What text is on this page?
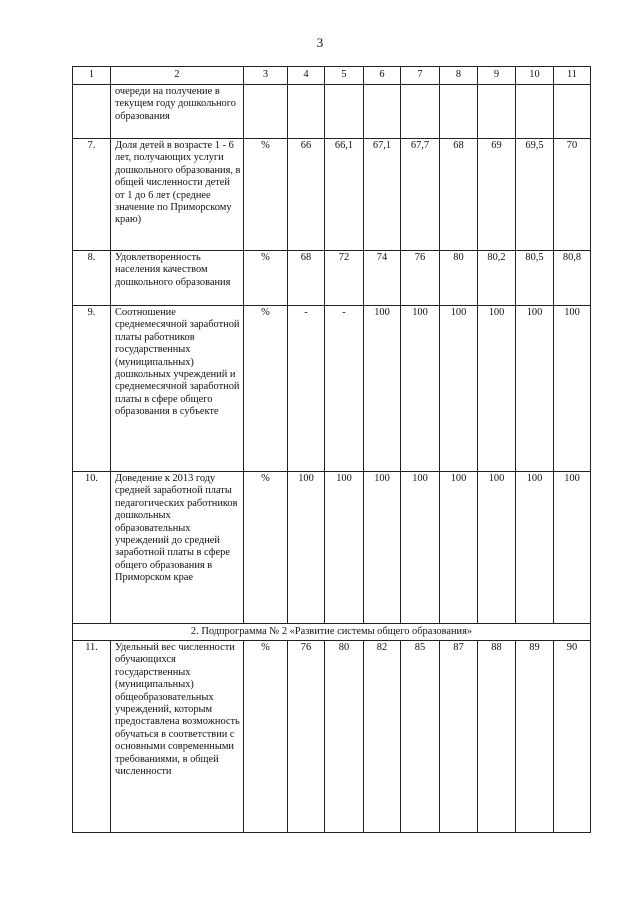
3
1	2	3	4	5	6	7	8	9	10	11
	очереди на получение в текущем году дошкольного образования									
7.	Доля детей в возрасте 1 - 6 лет, получающих услуги дошкольного образования, в общей численности детей от 1 до 6 лет (среднее значение по Приморскому краю)	%	66	66,1	67,1	67,7	68	69	69,5	70
8.	Удовлетворенность населения качеством дошкольного образования	%	68	72	74	76	80	80,2	80,5	80,8
9.	Соотношение среднемесячной заработной платы работников государственных (муниципальных) дошкольных учреждений и среднемесячной заработной платы в сфере общего образования в субъекте	%	-	-	100	100	100	100	100	100
10.	Доведение к 2013 году средней заработной платы педагогических работников дошкольных образовательных учреждений до средней заработной платы в сфере общего образования в Приморском крае	%	100	100	100	100	100	100	100	100
2. Подпрограмма № 2 «Развитие системы общего образования»										
11.	Удельный вес численности обучающихся государственных (муниципальных) общеобразовательных учреждений, которым предоставлена возможность обучаться в соответствии с основными современными требованиями, в общей численности	%	76	80	82	85	87	88	89	90
